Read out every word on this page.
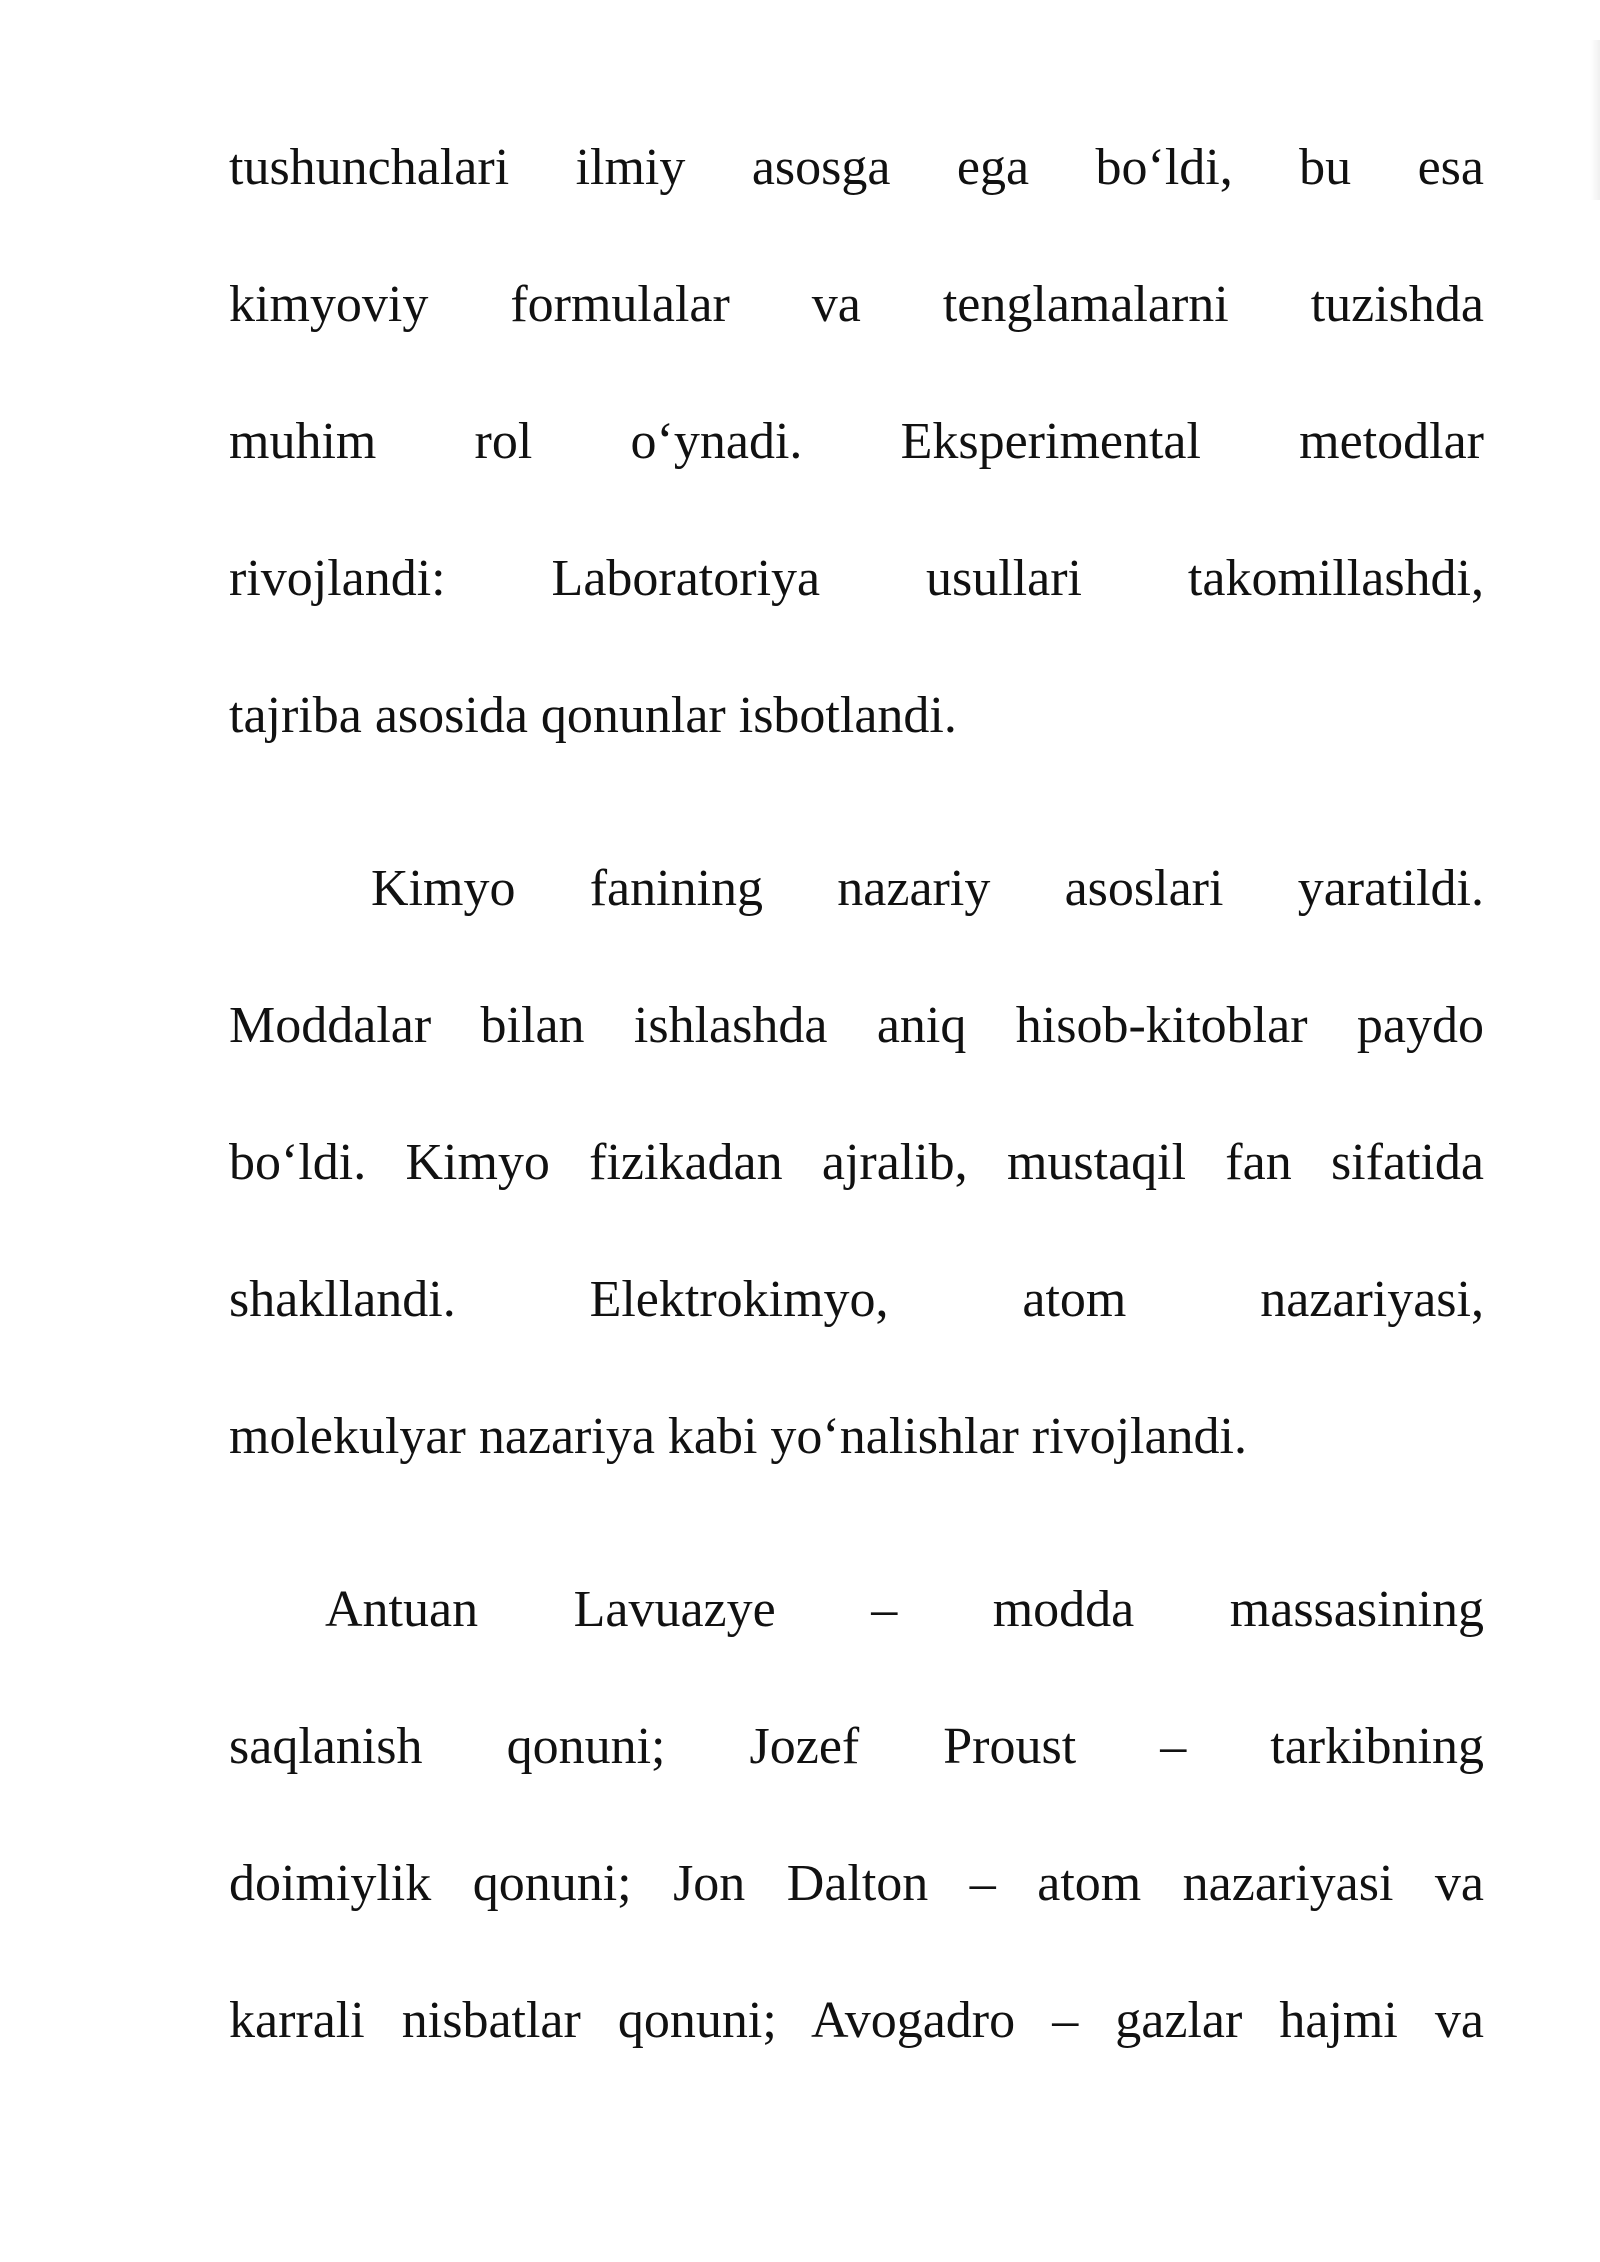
tushunchalari ilmiy asosga ega bo‘ldi, bu esa
kimyoviy formulalar va tenglamalarni tuzishda
muhim rol o‘ynadi. Eksperimental metodlar
rivojlandi: Laboratoriya usullari takomillashdi,
tajriba asosida qonunlar isbotlandi.
Kimyo fanining nazariy asoslari yaratildi.
Moddalar bilan ishlashda aniq hisob-kitoblar paydo
bo‘ldi. Kimyo fizikadan ajralib, mustaqil fan sifatida
shakllandi. Elektrokimyo, atom nazariyasi,
molekulyar nazariya kabi yo‘nalishlar rivojlandi.
Antuan Lavuazye – modda massasining
saqlanish qonuni; Jozef Proust – tarkibning
doimiylik qonuni; Jon Dalton – atom nazariyasi va
karrali nisbatlar qonuni; Avogadro – gazlar hajmi va
